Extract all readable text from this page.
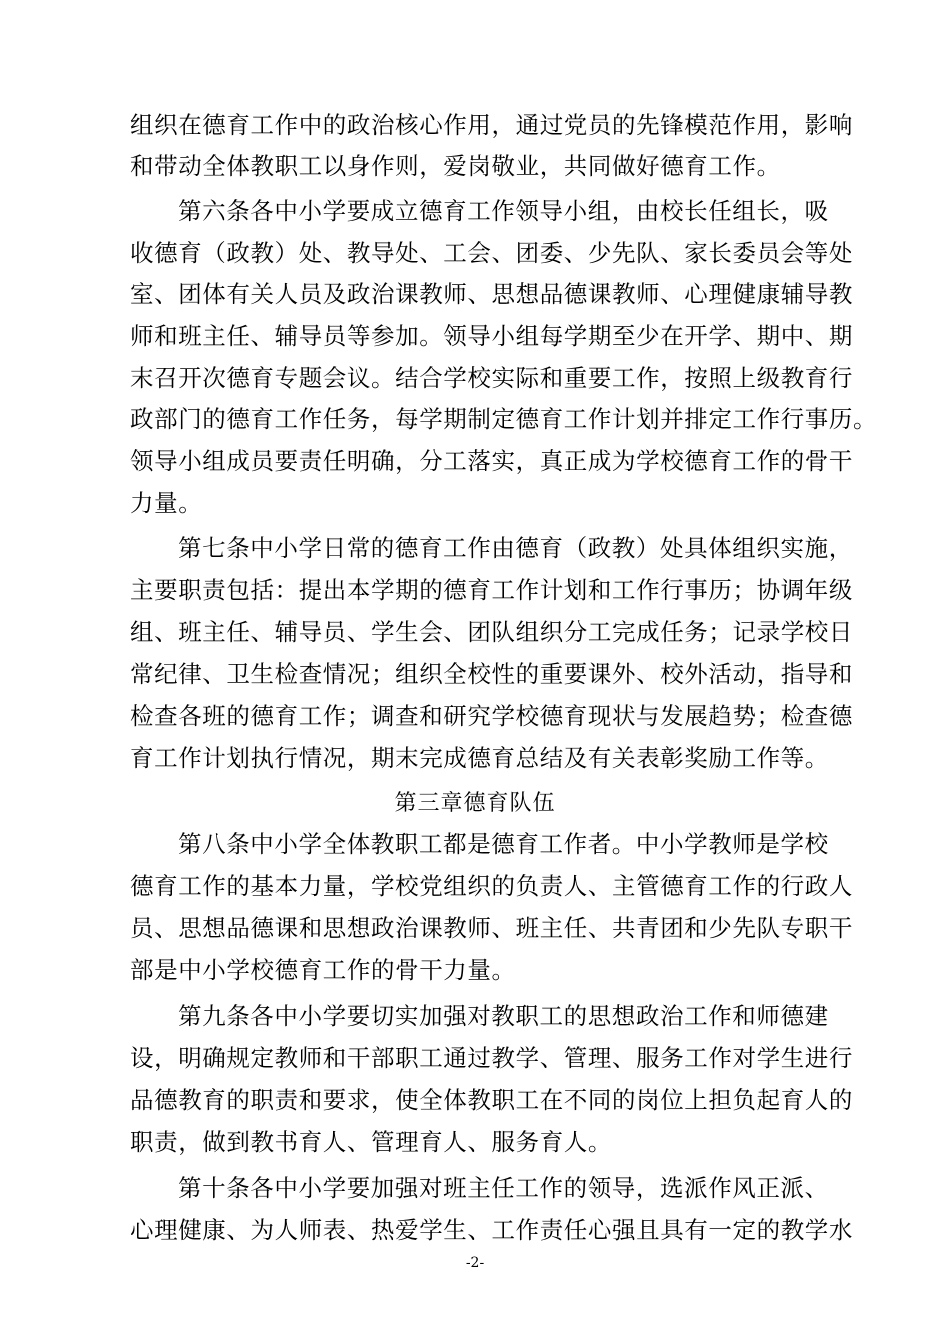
组织在德育工作中的政治核心作用，通过党员的先锋模范作用，影响
和带动全体教职工以身作则，爱岗敬业，共同做好德育工作。
第六条各中小学要成立德育工作领导小组，由校长任组长，吸
收德育（政教）处、教导处、工会、团委、少先队、家长委员会等处
室、团体有关人员及政治课教师、思想品德课教师、心理健康辅导教
师和班主任、辅导员等参加。领导小组每学期至少在开学、期中、期
末召开次德育专题会议。结合学校实际和重要工作，按照上级教育行
政部门的德育工作任务，每学期制定德育工作计划并排定工作行事历。
领导小组成员要责任明确，分工落实，真正成为学校德育工作的骨干
力量。
第七条中小学日常的德育工作由德育（政教）处具体组织实施，
主要职责包括：提出本学期的德育工作计划和工作行事历；协调年级
组、班主任、辅导员、学生会、团队组织分工完成任务；记录学校日
常纪律、卫生检查情况；组织全校性的重要课外、校外活动，指导和
检查各班的德育工作；调查和研究学校德育现状与发展趋势；检查德
育工作计划执行情况，期末完成德育总结及有关表彰奖励工作等。
第三章德育队伍
第八条中小学全体教职工都是德育工作者。中小学教师是学校
德育工作的基本力量，学校党组织的负责人、主管德育工作的行政人
员、思想品德课和思想政治课教师、班主任、共青团和少先队专职干
部是中小学校德育工作的骨干力量。
第九条各中小学要切实加强对教职工的思想政治工作和师德建
设，明确规定教师和干部职工通过教学、管理、服务工作对学生进行
品德教育的职责和要求，使全体教职工在不同的岗位上担负起育人的
职责，做到教书育人、管理育人、服务育人。
第十条各中小学要加强对班主任工作的领导，选派作风正派、
心理健康、为人师表、热爱学生、工作责任心强且具有一定的教学水
-2-
